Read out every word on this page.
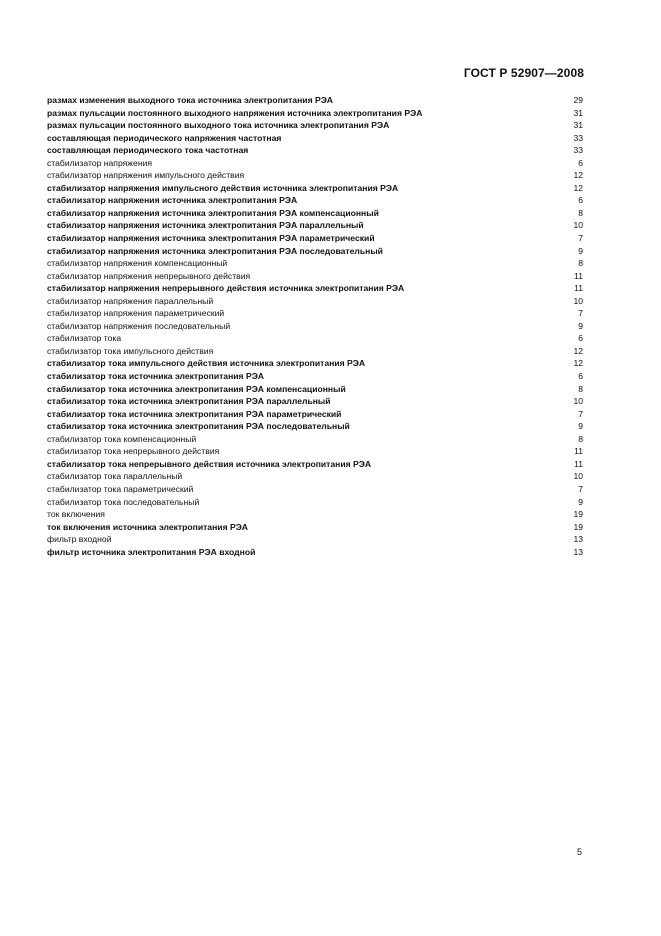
ГОСТ Р 52907—2008
размах изменения выходного тока источника электропитания РЭА	29
размах пульсации постоянного выходного напряжения источника электропитания РЭА	31
размах пульсации постоянного выходного тока источника электропитания РЭА	31
составляющая периодического напряжения частотная	33
составляющая периодического тока частотная	33
стабилизатор напряжения	6
стабилизатор напряжения импульсного действия	12
стабилизатор напряжения импульсного действия источника электропитания РЭА	12
стабилизатор напряжения источника электропитания РЭА	6
стабилизатор напряжения источника электропитания РЭА компенсационный	8
стабилизатор напряжения источника электропитания РЭА параллельный	10
стабилизатор напряжения источника электропитания РЭА параметрический	7
стабилизатор напряжения источника электропитания РЭА последовательный	9
стабилизатор напряжения компенсационный	8
стабилизатор напряжения непрерывного действия	11
стабилизатор напряжения непрерывного действия источника электропитания РЭА	11
стабилизатор напряжения параллельный	10
стабилизатор напряжения параметрический	7
стабилизатор напряжения последовательный	9
стабилизатор тока	6
стабилизатор тока импульсного действия	12
стабилизатор тока импульсного действия источника электропитания РЭА	12
стабилизатор тока источника электропитания РЭА	6
стабилизатор тока источника электропитания РЭА компенсационный	8
стабилизатор тока источника электропитания РЭА параллельный	10
стабилизатор тока источника электропитания РЭА параметрический	7
стабилизатор тока источника электропитания РЭА последовательный	9
стабилизатор тока компенсационный	8
стабилизатор тока непрерывного действия	11
стабилизатор тока непрерывного действия источника электропитания РЭА	11
стабилизатор тока параллельный	10
стабилизатор тока параметрический	7
стабилизатор тока последовательный	9
ток включения	19
ток включения источника электропитания РЭА	19
фильтр входной	13
фильтр источника электропитания РЭА входной	13
5
